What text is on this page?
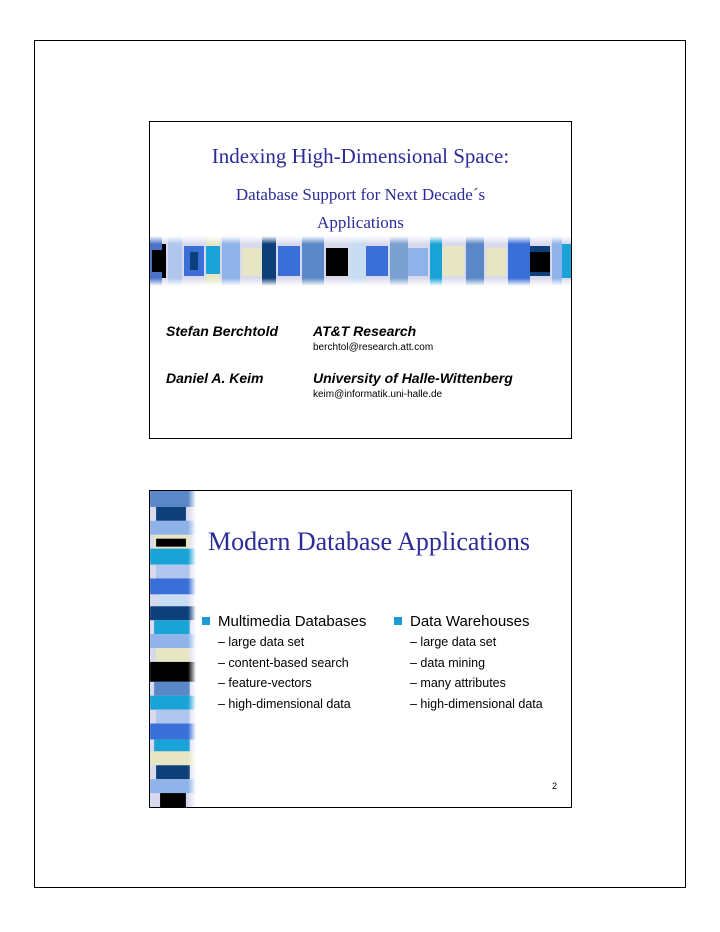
Indexing High-Dimensional Space:
Database Support for Next Decade´s
Applications
Stefan Berchtold AT&T Research
berchtol@research.att.com
Daniel A. Keim	University of Halle-Wittenberg
keim@informatik.uni-halle.de
Modern Database Applications
Multimedia Databases
– large data set
– content-based search
– feature-vectors
– high-dimensional data
Data Warehouses
– large data set
– data mining
– many attributes
– high-dimensional data
2
